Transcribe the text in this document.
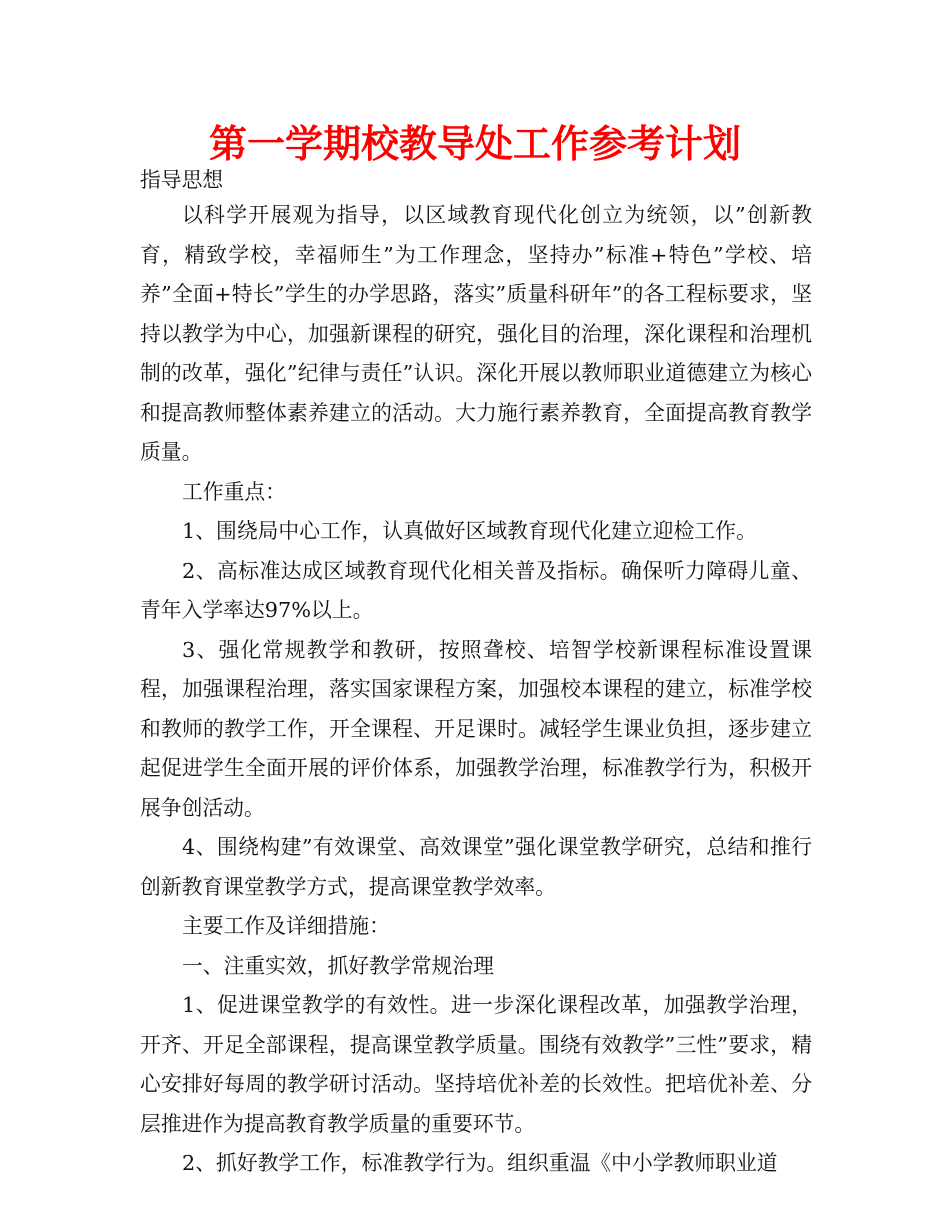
第一学期校教导处工作参考计划

指导思想

以科学开展观为指导，以区域教育现代化创立为统领，以”创新教育，精致学校，幸福师生”为工作理念，坚持办”标准+特色”学校、培养”全面+特长”学生的办学思路，落实”质量科研年”的各工程标要求，坚持以教学为中心，加强新课程的研究，强化目的治理，深化课程和治理机制的改革，强化”纪律与责任”认识。深化开展以教师职业道德建立为核心和提高教师整体素养建立的活动。大力施行素养教育，全面提高教育教学质量。

工作重点：

1、围绕局中心工作，认真做好区域教育现代化建立迎检工作。

2、高标准达成区域教育现代化相关普及指标。确保听力障碍儿童、青年入学率达97%以上。

3、强化常规教学和教研，按照聋校、培智学校新课程标准设置课程，加强课程治理，落实国家课程方案，加强校本课程的建立，标准学校和教师的教学工作，开全课程、开足课时。减轻学生课业负担，逐步建立起促进学生全面开展的评价体系，加强教学治理，标准教学行为，积极开展争创活动。

4、围绕构建”有效课堂、高效课堂”强化课堂教学研究，总结和推行创新教育课堂教学方式，提高课堂教学效率。

主要工作及详细措施：

一、注重实效，抓好教学常规治理

1、促进课堂教学的有效性。进一步深化课程改革，加强教学治理，开齐、开足全部课程，提高课堂教学质量。围绕有效教学”三性”要求，精心安排好每周的教学研讨活动。坚持培优补差的长效性。把培优补差、分层推进作为提高教育教学质量的重要环节。

2、抓好教学工作，标准教学行为。组织重温《中小学教师职业道
